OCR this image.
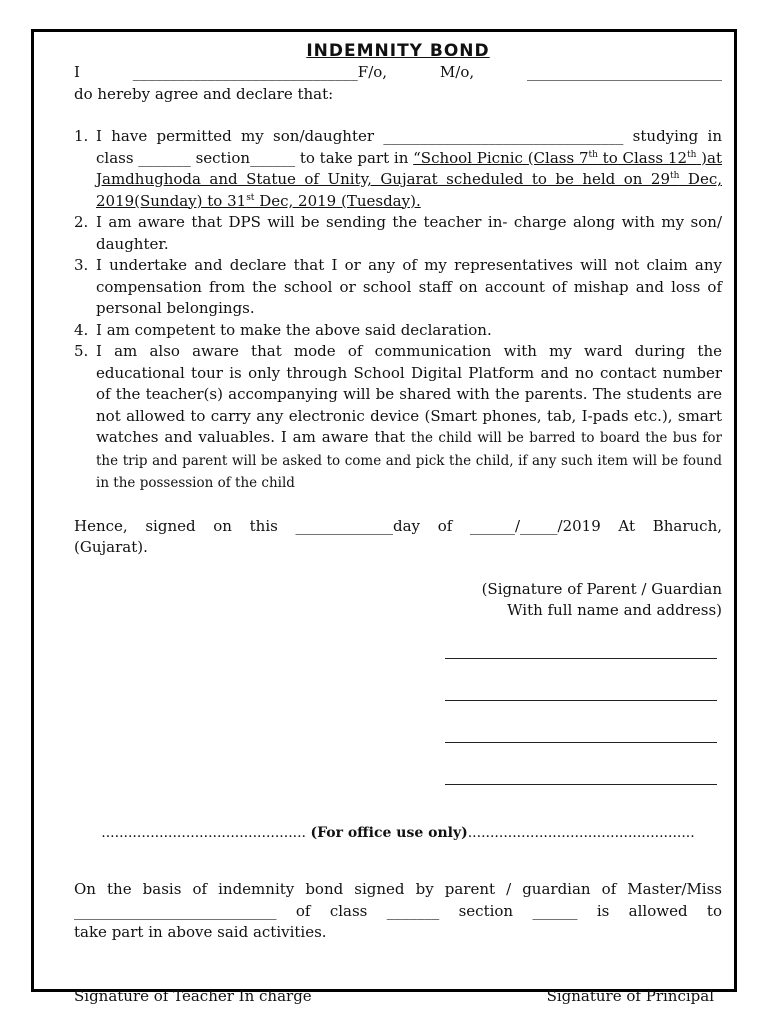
INDEMNITY BOND

I	______________________________F/o, M/o,	__________________________

do hereby agree and declare that:

1. I have permitted my son/daughter ________________________________ studying in class _______ section______ to take part in “School Picnic (Class 7th to Class 12th )at Jamdhughoda and Statue of Unity, Gujarat scheduled to be held on 29th Dec, 2019(Sunday) to 31st Dec, 2019 (Tuesday).
2. I am aware that DPS will be sending the teacher in- charge along with my son/ daughter.
3. I undertake and declare that I or any of my representatives will not claim any compensation from the school or school staff on account of mishap and loss of personal belongings.
4. I am competent to make the above said declaration.
5. I am also aware that mode of communication with my ward during the educational tour is only through School Digital Platform and no contact number of the teacher(s) accompanying will be shared with the parents. The students are not allowed to carry any electronic device (Smart phones, tab, I-pads etc.), smart watches and valuables. I am aware that the child will be barred to board the bus for the trip and parent will be asked to come and pick the child, if any such item will be found in the possession of the child

Hence, signed on this _____________day of ______/_____/2019 At Bharuch,

(Gujarat).

(Signature of Parent / Guardian
With full name and address)

.............................................. (For office use only)...................................................

On the basis of indemnity bond signed by parent / guardian of Master/Miss

___________________________ of class _______ section ______ is allowed to

take part in above said activities.

Signature of Teacher In charge	Signature of Principal
